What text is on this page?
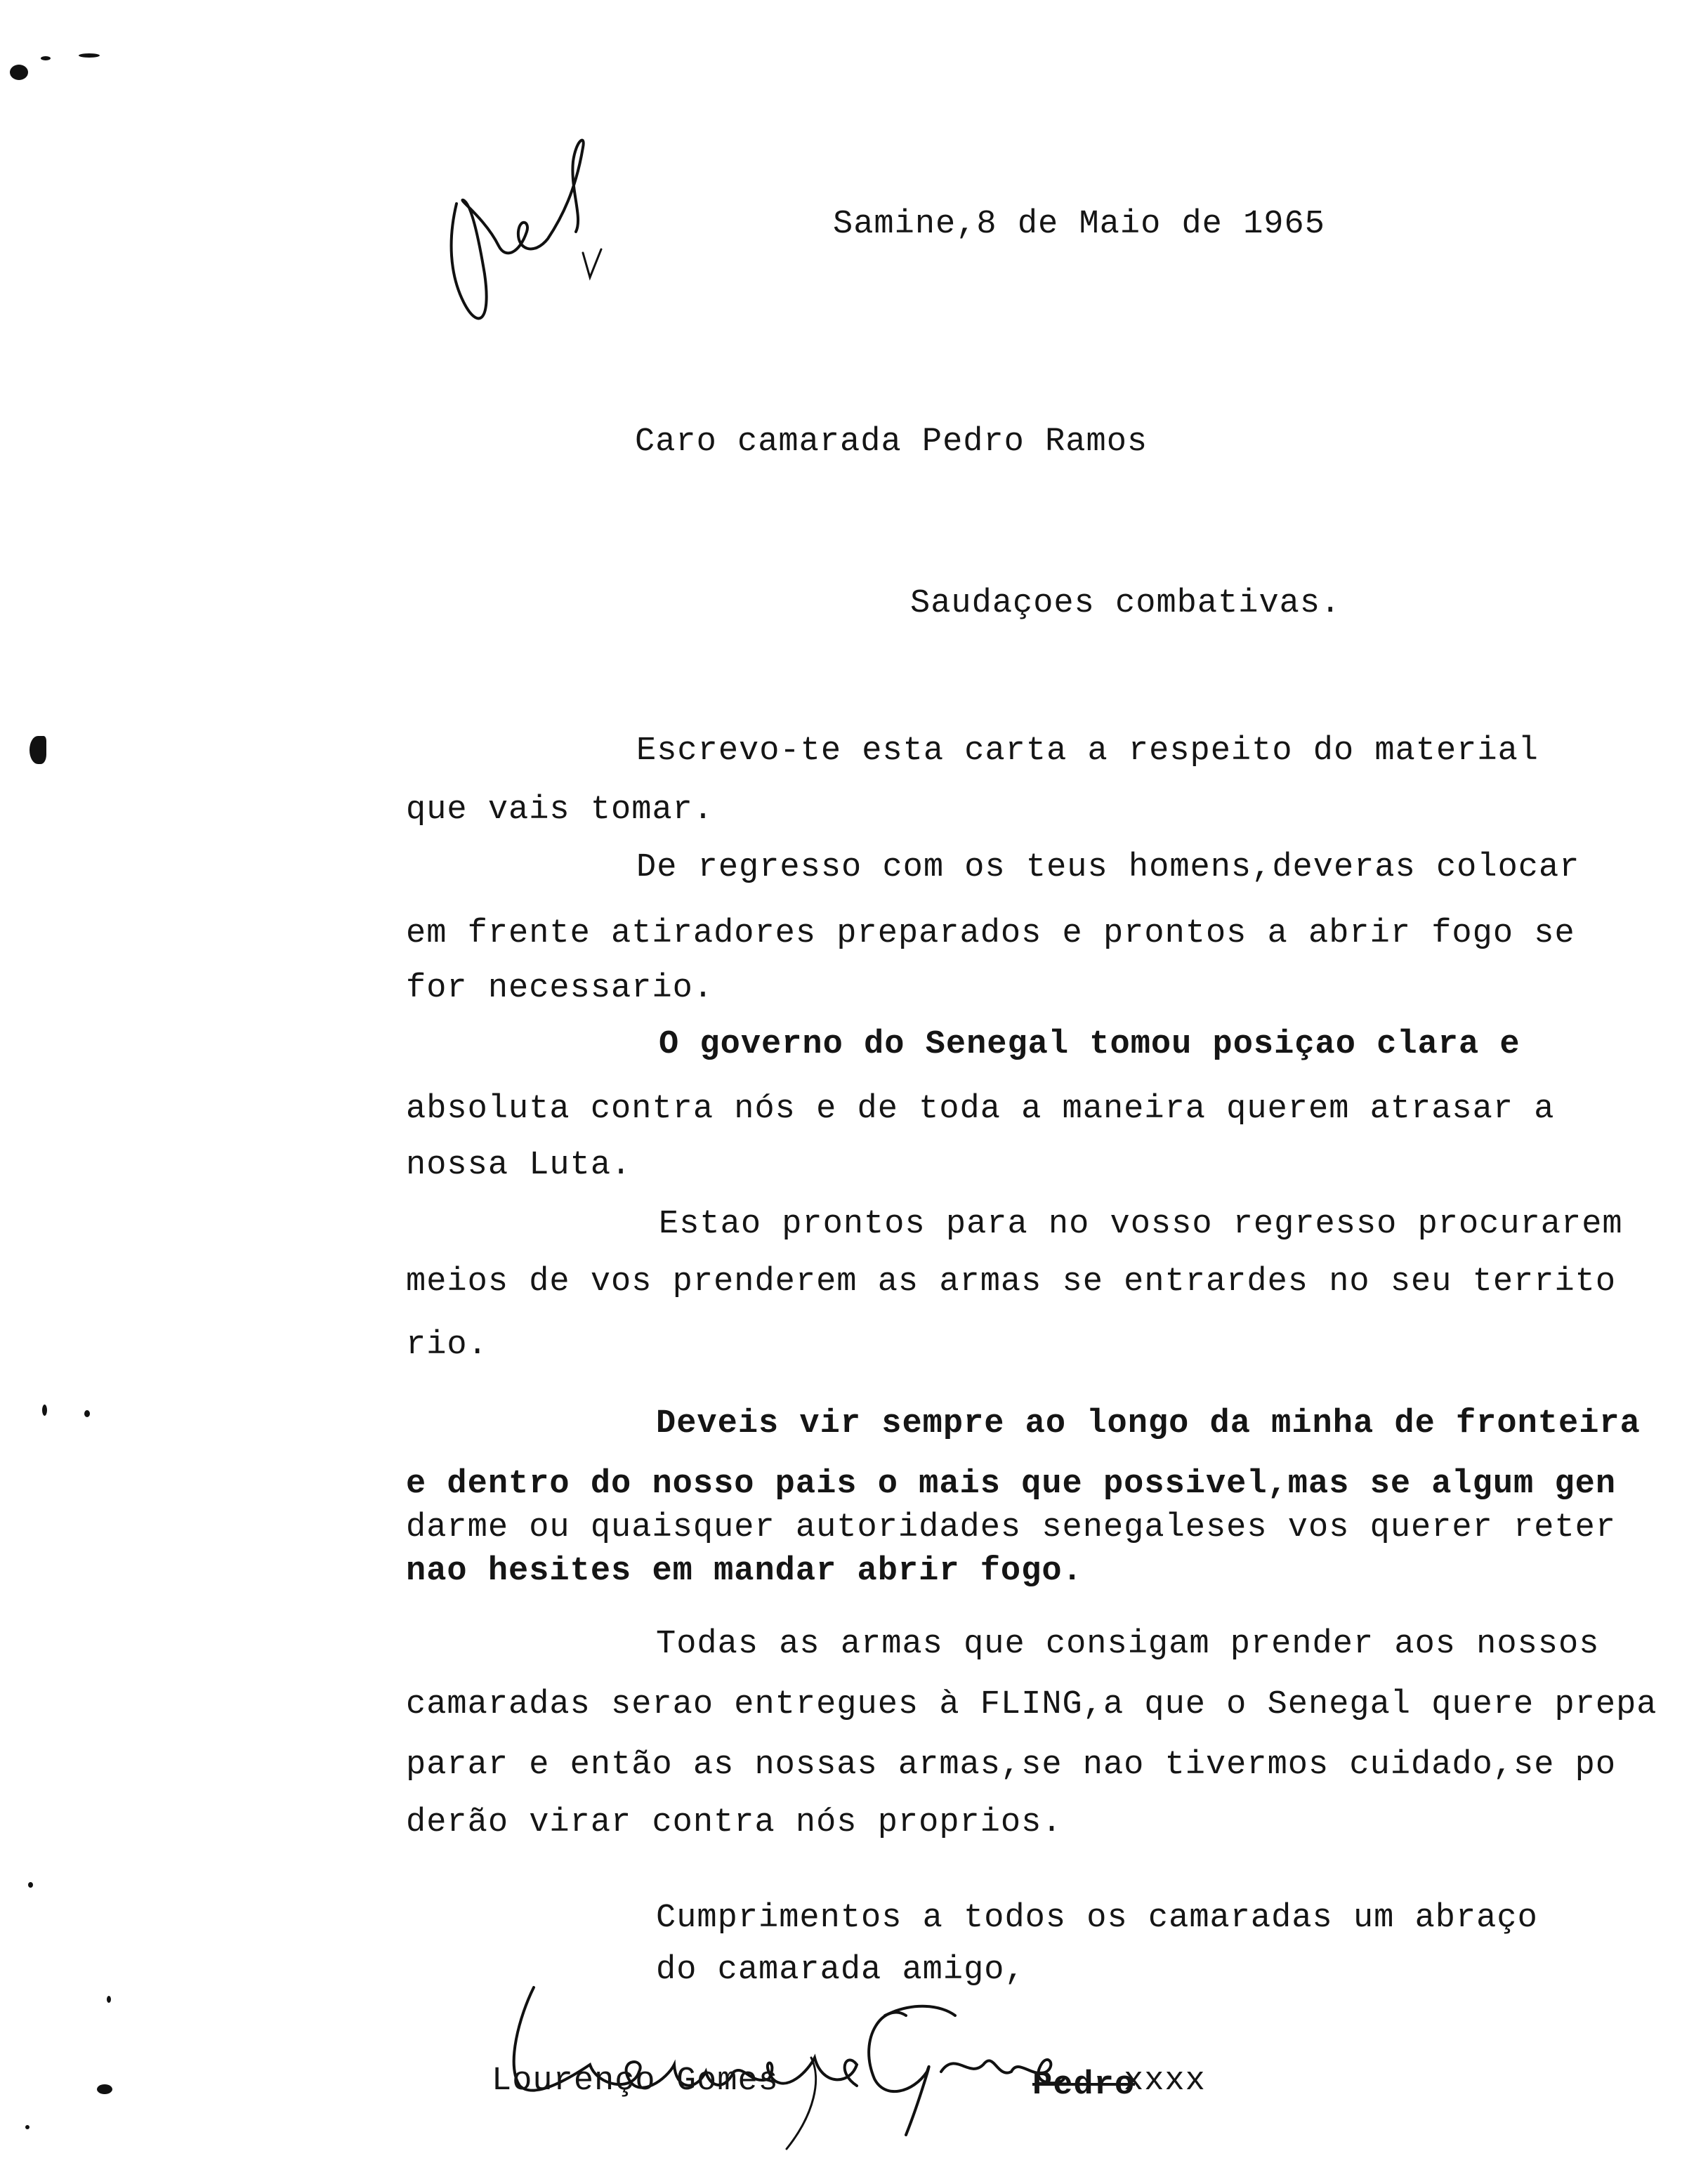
Samine,8 de Maio de 1965
Caro camarada Pedro Ramos
Saudaçoes combativas.
Escrevo-te esta carta a respeito do material
que vais tomar.
De regresso com os teus homens,deveras colocar
em frente atiradores preparados e prontos a abrir fogo se
for necessario.
O governo do Senegal tomou posiçao clara e
absoluta contra nós e de toda a maneira querem atrasar a
nossa Luta.
Estao prontos para no vosso regresso procurarem
meios de vos prenderem as armas se entrardes no seu territo
rio.
Deveis vir sempre ao longo da minha de fronteira
e dentro do nosso pais o mais que possivel,mas se algum gen
darme ou quaisquer autoridades senegaleses vos querer reter
nao hesites em mandar abrir fogo.
Todas as armas que consigam prender aos nossos
camaradas serao entregues à FLING,a que o Senegal quere prepa
parar e então as nossas armas,se nao tivermos cuidado,se po
derão virar contra nós proprios.
Cumprimentos a todos os camaradas um abraço
do camarada amigo,
Lourenço Gomes	Pedro
xxxx
